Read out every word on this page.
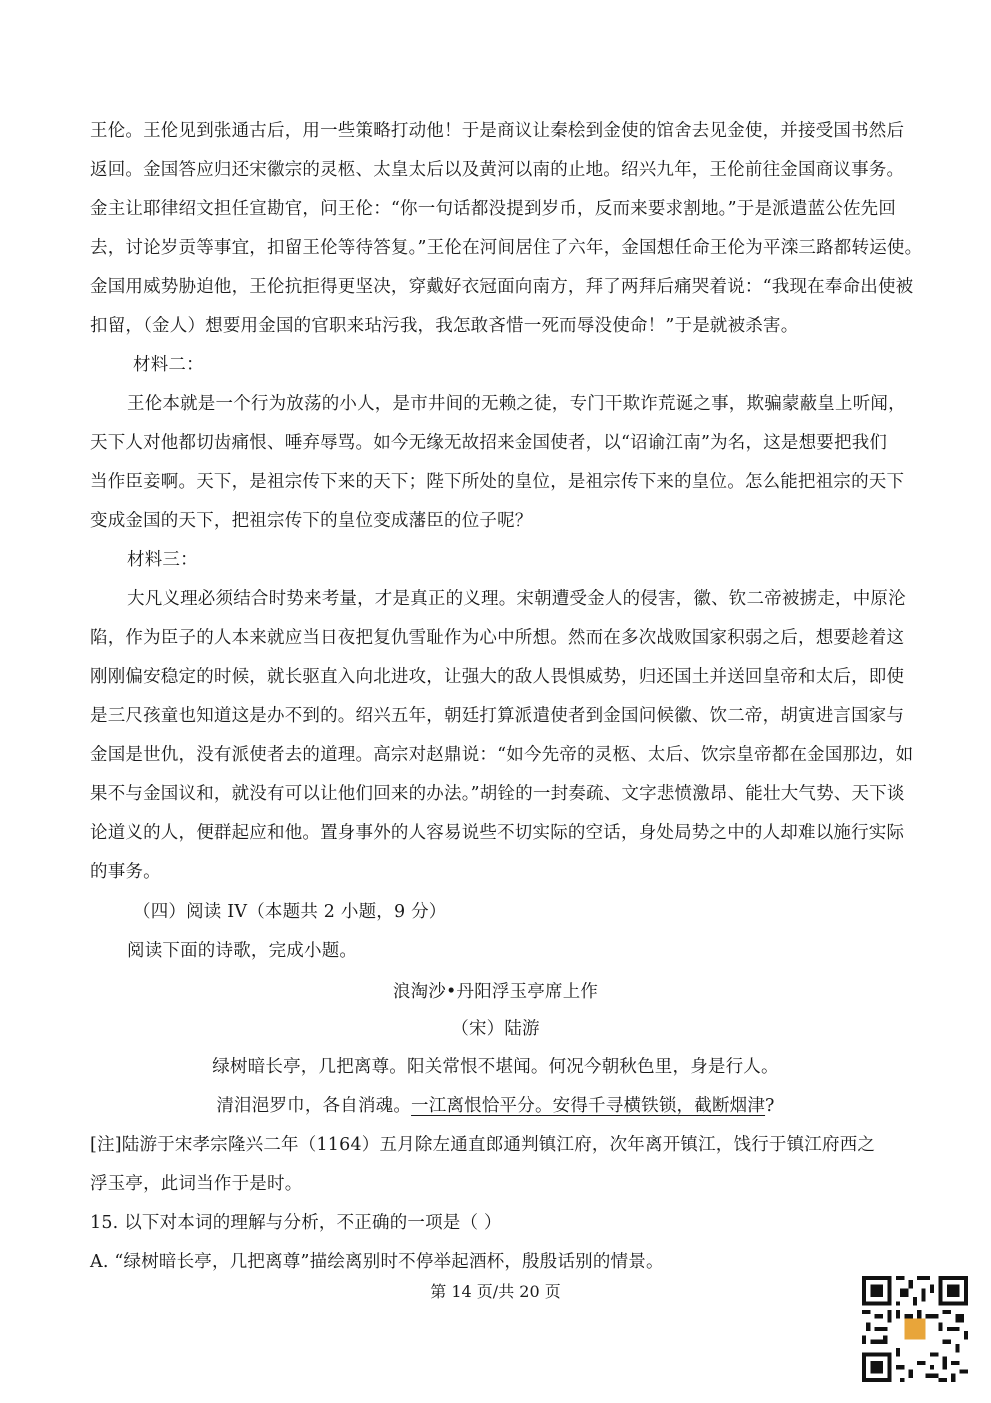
王伦。王伦见到张通古后，用一些策略打动他！于是商议让秦桧到金使的馆舍去见金使，并接受国书然后
返回。金国答应归还宋徽宗的灵柩、太皇太后以及黄河以南的止地。绍兴九年，王伦前往金国商议事务。
金主让耶律绍文担任宣勘官，问王伦：“你一句话都没提到岁币，反而来要求割地。”于是派遣蓝公佐先回
去，讨论岁贡等事宜，扣留王伦等待答复。”王伦在河间居住了六年，金国想任命王伦为平滦三路都转运使。
金国用威势胁迫他，王伦抗拒得更坚决，穿戴好衣冠面向南方，拜了两拜后痛哭着说：“我现在奉命出使被
扣留，（金人）想要用金国的官职来玷污我，我怎敢吝惜一死而辱没使命！”于是就被杀害。
材料二：
王伦本就是一个行为放荡的小人，是市井间的无赖之徒，专门干欺诈荒诞之事，欺骗蒙蔽皇上听闻，
天下人对他都切齿痛恨、唾弃辱骂。如今无缘无故招来金国使者，以“诏谕江南”为名，这是想要把我们
当作臣妾啊。天下，是祖宗传下来的天下；陛下所处的皇位，是祖宗传下来的皇位。怎么能把祖宗的天下
变成金国的天下，把祖宗传下的皇位变成藩臣的位子呢？
材料三：
大凡义理必须结合时势来考量，才是真正的义理。宋朝遭受金人的侵害，徽、钦二帝被掳走，中原沦
陷，作为臣子的人本来就应当日夜把复仇雪耻作为心中所想。然而在多次战败国家积弱之后，想要趁着这
刚刚偏安稳定的时候，就长驱直入向北进攻，让强大的敌人畏惧威势，归还国土并送回皇帝和太后，即使
是三尺孩童也知道这是办不到的。绍兴五年，朝廷打算派遣使者到金国问候徽、饮二帝，胡寅进言国家与
金国是世仇，没有派使者去的道理。高宗对赵鼎说：“如今先帝的灵柩、太后、饮宗皇帝都在金国那边，如
果不与金国议和，就没有可以让他们回来的办法。”胡铨的一封奏疏、文字悲愤激昂、能壮大气势、天下谈
论道义的人，便群起应和他。置身事外的人容易说些不切实际的空话，身处局势之中的人却难以施行实际
的事务。
（四）阅读 IV（本题共 2 小题，9 分）
阅读下面的诗歌，完成小题。
浪淘沙•丹阳浮玉亭席上作
（宋）陆游
绿树暗长亭，几把离尊。阳关常恨不堪闻。何况今朝秋色里，身是行人。
清泪浥罗巾，各自消魂。一江离恨恰平分。安得千寻横铁锁，截断烟津?
[注]陆游于宋孝宗隆兴二年（1164）五月除左通直郎通判镇江府，次年离开镇江，饯行于镇江府西之
浮玉亭，此词当作于是时。
15. 以下对本词的理解与分析，不正确的一项是（ ）
A. “绿树暗长亭，几把离尊”描绘离别时不停举起酒杯，殷殷话别的情景。
第 14 页/共 20 页
